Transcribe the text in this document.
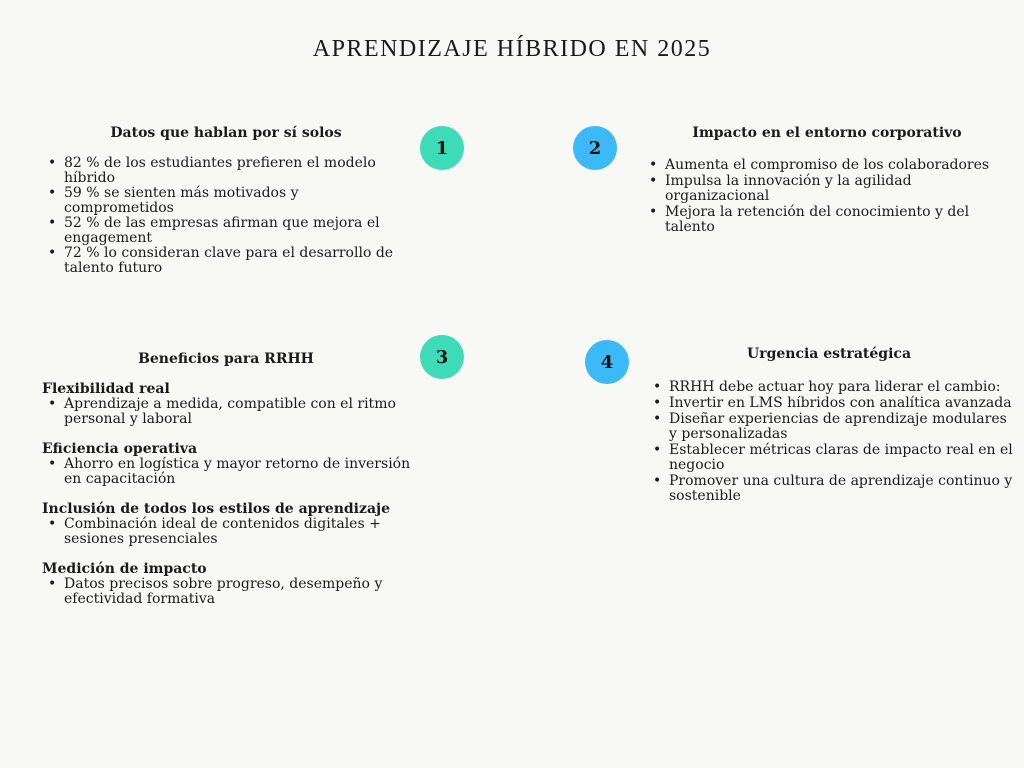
APRENDIZAJE HÍBRIDO EN 2025
Datos que hablan por sí solos
• 82 % de los estudiantes prefieren el modelo híbrido
• 59 % se sienten más motivados y comprometidos
• 52 % de las empresas afirman que mejora el engagement
• 72 % lo consideran clave para el desarrollo de talento futuro
1	2
Impacto en el entorno corporativo
• Aumenta el compromiso de los colaboradores
• Impulsa la innovación y la agilidad organizacional
• Mejora la retención del conocimiento y del talento
3	4
Beneficios para RRHH
Flexibilidad real
• Aprendizaje a medida, compatible con el ritmo personal y laboral
Eficiencia operativa
• Ahorro en logística y mayor retorno de inversión en capacitación
Inclusión de todos los estilos de aprendizaje
• Combinación ideal de contenidos digitales + sesiones presenciales
Medición de impacto
• Datos precisos sobre progreso, desempeño y efectividad formativa
Urgencia estratégica
• RRHH debe actuar hoy para liderar el cambio:
• Invertir en LMS híbridos con analítica avanzada
• Diseñar experiencias de aprendizaje modulares y personalizadas
• Establecer métricas claras de impacto real en el negocio
• Promover una cultura de aprendizaje continuo y sostenible
